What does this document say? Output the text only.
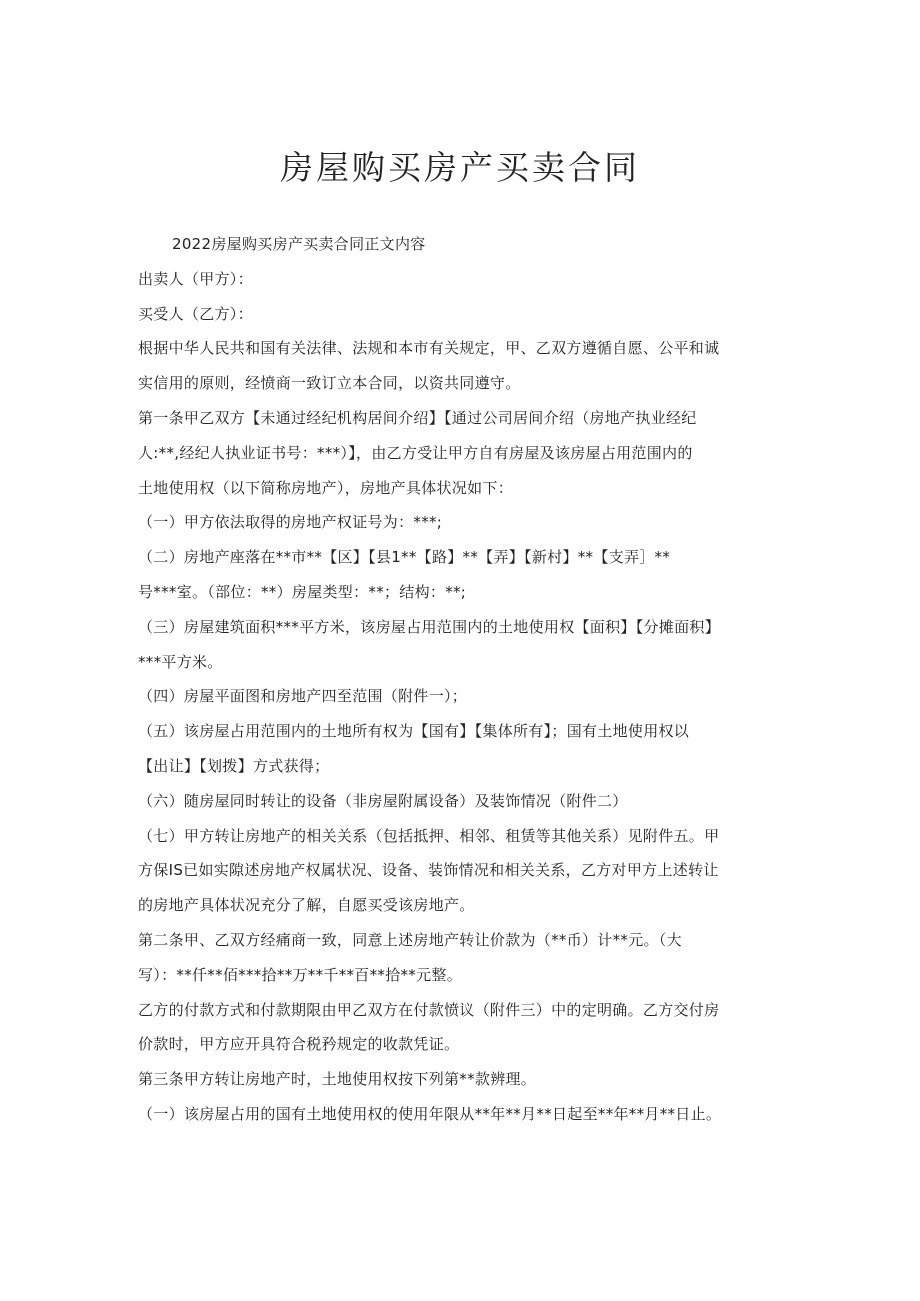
房屋购买房产买卖合同
2022房屋购买房产买卖合同正文内容
出卖人（甲方）：
买受人（乙方）：
根据中华人民共和国有关法律、法规和本市有关规定，甲、乙双方遵循自愿、公平和诚
实信用的原则，经愤商一致订立本合同，以资共同遵守。
第一条甲乙双方【未通过经纪机构居间介绍】【通过公司居间介绍（房地产执业经纪
人:**,经纪人执业证书号：***）】，由乙方受让甲方自有房屋及该房屋占用范围内的
土地使用权（以下简称房地产），房地产具体状况如下：
（一）甲方依法取得的房地产权证号为：***;
（二）房地产座落在**市**【区】【县1**【路】**【弄】【新村】**【支弄］**
号***室。（部位：**）房屋类型：**；结构：**;
（三）房屋建筑面积***平方米，该房屋占用范围内的土地使用权【面积】【分摊面积】
***平方米。
（四）房屋平面图和房地产四至范围（附件一）；
（五）该房屋占用范围内的土地所有权为【国有】【集体所有】；国有土地使用权以
【出让】【划拨】方式获得；
（六）随房屋同时转让的设备（非房屋附属设备）及装饰情况（附件二）
（七）甲方转让房地产的相关关系（包括抵押、相邻、租赁等其他关系）见附件五。甲
方保IS已如实隙述房地产权属状况、设备、装饰情况和相关关系，乙方对甲方上述转让
的房地产具体状况充分了解，自愿买受该房地产。
第二条甲、乙双方经痛商一致，同意上述房地产转让价款为（**币）计**元。（大
写）：**仟**佰***拾**万**千**百**拾**元整。
乙方的付款方式和付款期限由甲乙双方在付款愤议（附件三）中的定明确。乙方交付房
价款时，甲方应开具符合税矜规定的收款凭证。
第三条甲方转让房地产时，土地使用权按下列第**款辨理。
（一）该房屋占用的国有土地使用权的使用年限从**年**月**日起至**年**月**日止。
